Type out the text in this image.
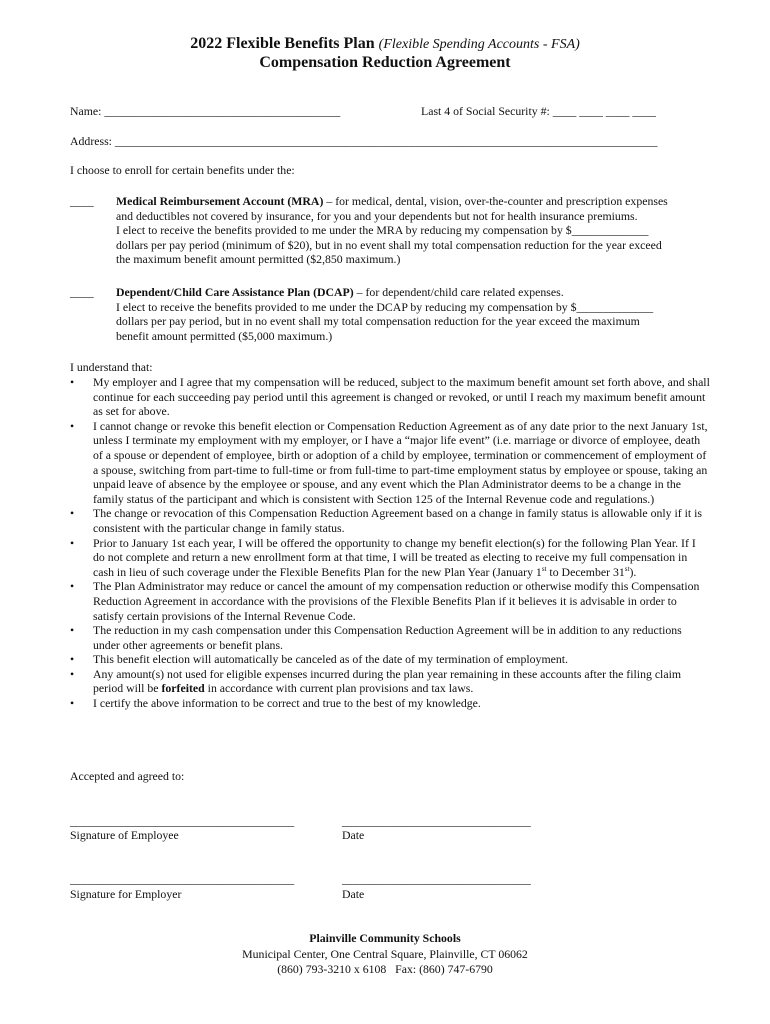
2022 Flexible Benefits Plan (Flexible Spending Accounts - FSA)
Compensation Reduction Agreement
Name: ________________________________________	Last 4 of Social Security #: ____ ____ ____ ____
Address: ____________________________________________________________________________________________
I choose to enroll for certain benefits under the:
____ Medical Reimbursement Account (MRA) – for medical, dental, vision, over-the-counter and prescription expenses
and deductibles not covered by insurance, for you and your dependents but not for health insurance premiums.
I elect to receive the benefits provided to me under the MRA by reducing my compensation by $_____________
dollars per pay period (minimum of $20), but in no event shall my total compensation reduction for the year exceed
the maximum benefit amount permitted ($2,850 maximum.)
____ Dependent/Child Care Assistance Plan (DCAP) – for dependent/child care related expenses.
I elect to receive the benefits provided to me under the DCAP by reducing my compensation by $_____________
dollars per pay period, but in no event shall my total compensation reduction for the year exceed the maximum
benefit amount permitted ($5,000 maximum.)
I understand that:
• My employer and I agree that my compensation will be reduced, subject to the maximum benefit amount set forth above, and shall continue for each succeeding pay period until this agreement is changed or revoked, or until I reach my maximum benefit amount as set for above.
• I cannot change or revoke this benefit election or Compensation Reduction Agreement as of any date prior to the next January 1st, unless I terminate my employment with my employer, or I have a “major life event” (i.e. marriage or divorce of employee, death of a spouse or dependent of employee, birth or adoption of a child by employee, termination or commencement of employment of a spouse, switching from part-time to full-time or from full-time to part-time employment status by employee or spouse, taking an unpaid leave of absence by the employee or spouse, and any event which the Plan Administrator deems to be a change in the family status of the participant and which is consistent with Section 125 of the Internal Revenue code and regulations.)
• The change or revocation of this Compensation Reduction Agreement based on a change in family status is allowable only if it is consistent with the particular change in family status.
• Prior to January 1st each year, I will be offered the opportunity to change my benefit election(s) for the following Plan Year. If I do not complete and return a new enrollment form at that time, I will be treated as electing to receive my full compensation in cash in lieu of such coverage under the Flexible Benefits Plan for the new Plan Year (January 1st to December 31st).
• The Plan Administrator may reduce or cancel the amount of my compensation reduction or otherwise modify this Compensation Reduction Agreement in accordance with the provisions of the Flexible Benefits Plan if it believes it is advisable in order to satisfy certain provisions of the Internal Revenue Code.
• The reduction in my cash compensation under this Compensation Reduction Agreement will be in addition to any reductions under other agreements or benefit plans.
• This benefit election will automatically be canceled as of the date of my termination of employment.
• Any amount(s) not used for eligible expenses incurred during the plan year remaining in these accounts after the filing claim period will be forfeited in accordance with current plan provisions and tax laws.
• I certify the above information to be correct and true to the best of my knowledge.
Accepted and agreed to:
______________________________________	________________________________
Signature of Employee	Date
______________________________________	________________________________
Signature for Employer	Date
Plainville Community Schools
Municipal Center, One Central Square, Plainville, CT 06062
(860) 793-3210 x 6108   Fax: (860) 747-6790
